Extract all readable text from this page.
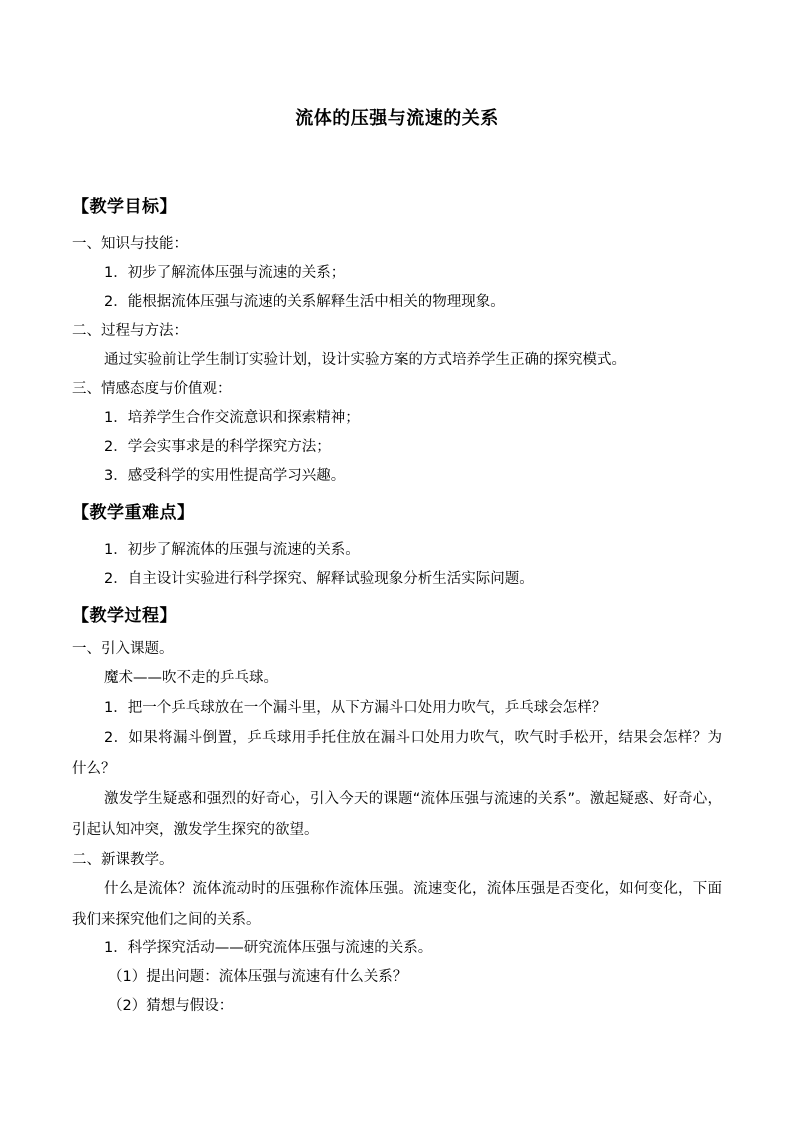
流体的压强与流速的关系
【教学目标】
一、知识与技能：
1．初步了解流体压强与流速的关系；
2．能根据流体压强与流速的关系解释生活中相关的物理现象。
二、过程与方法：
通过实验前让学生制订实验计划，设计实验方案的方式培养学生正确的探究模式。
三、情感态度与价值观：
1．培养学生合作交流意识和探索精神；
2．学会实事求是的科学探究方法；
3．感受科学的实用性提高学习兴趣。
【教学重难点】
1．初步了解流体的压强与流速的关系。
2．自主设计实验进行科学探究、解释试验现象分析生活实际问题。
【教学过程】
一、引入课题。
魔术——吹不走的乒乓球。
1．把一个乒乓球放在一个漏斗里，从下方漏斗口处用力吹气，乒乓球会怎样？
2．如果将漏斗倒置，乒乓球用手托住放在漏斗口处用力吹气，吹气时手松开，结果会怎样？为什么？
激发学生疑惑和强烈的好奇心，引入今天的课题“流体压强与流速的关系”。激起疑惑、好奇心，引起认知冲突，激发学生探究的欲望。
二、新课教学。
什么是流体？流体流动时的压强称作流体压强。流速变化，流体压强是否变化，如何变化，下面我们来探究他们之间的关系。
1．科学探究活动——研究流体压强与流速的关系。
（1）提出问题：流体压强与流速有什么关系？
（2）猜想与假设：
